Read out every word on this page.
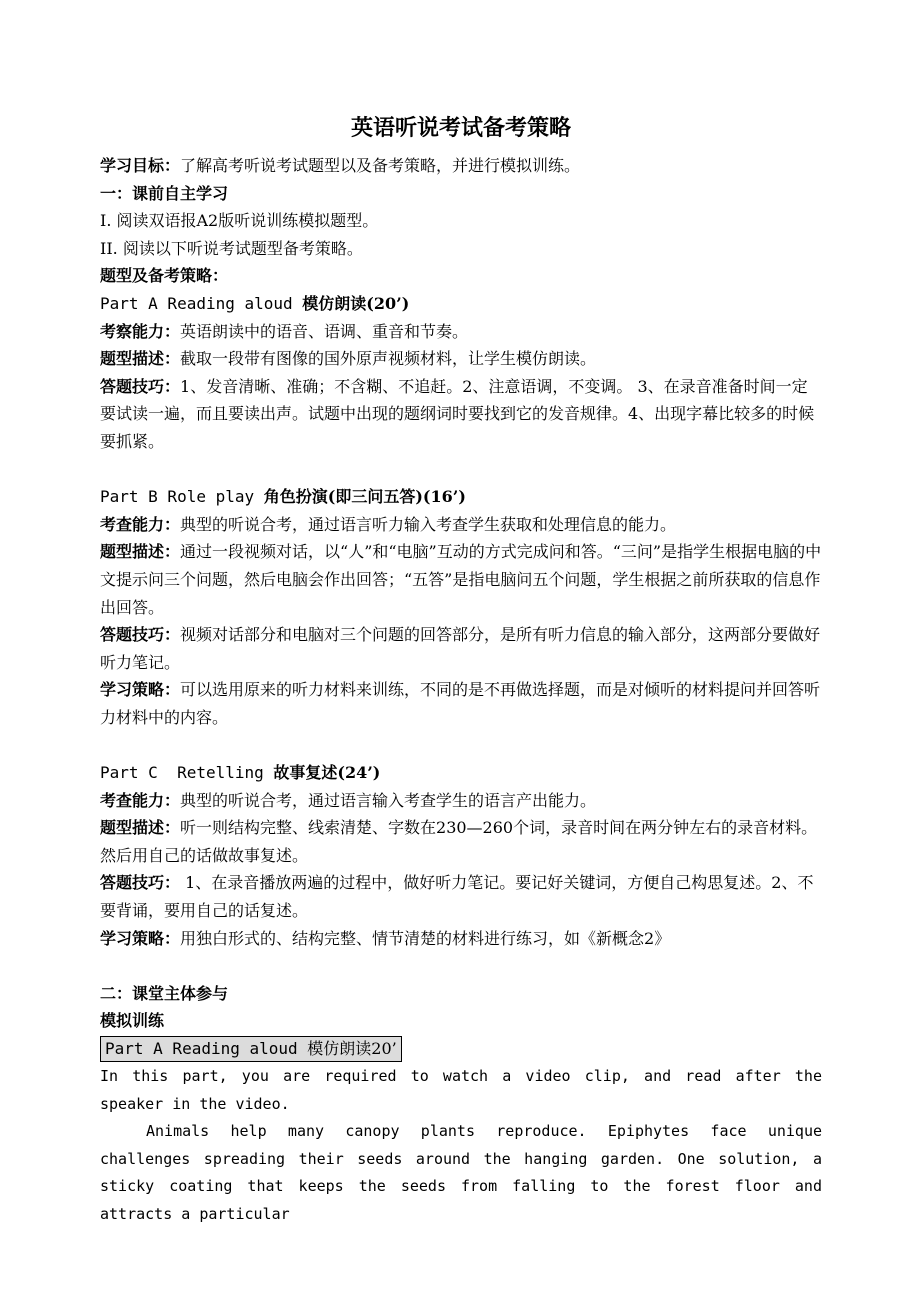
英语听说考试备考策略

学习目标：了解高考听说考试题型以及备考策略，并进行模拟训练。

一：课前自主学习

I. 阅读双语报A2版听说训练模拟题型。

II. 阅读以下听说考试题型备考策略。

题型及备考策略：

Part A Reading aloud 模仿朗读(20’)

考察能力：英语朗读中的语音、语调、重音和节奏。

题型描述：截取一段带有图像的国外原声视频材料，让学生模仿朗读。

答题技巧：1、发音清晰、准确；不含糊、不追赶。2、注意语调，不变调。 3、在录音准备时间一定要试读一遍，而且要读出声。试题中出现的题纲词时要找到它的发音规律。4、出现字幕比较多的时候要抓紧。

Part B Role play 角色扮演(即三问五答)(16’)

考查能力：典型的听说合考，通过语言听力输入考查学生获取和处理信息的能力。

题型描述：通过一段视频对话，以“人”和“电脑”互动的方式完成问和答。“三问”是指学生根据电脑的中文提示问三个问题，然后电脑会作出回答；“五答”是指电脑问五个问题，学生根据之前所获取的信息作出回答。

答题技巧：视频对话部分和电脑对三个问题的回答部分，是所有听力信息的输入部分，这两部分要做好听力笔记。

学习策略：可以选用原来的听力材料来训练，不同的是不再做选择题，而是对倾听的材料提问并回答听力材料中的内容。

Part C  Retelling 故事复述(24’)

考查能力：典型的听说合考，通过语言输入考查学生的语言产出能力。

题型描述：听一则结构完整、线索清楚、字数在230—260个词，录音时间在两分钟左右的录音材料。然后用自己的话做故事复述。

答题技巧： 1、在录音播放两遍的过程中，做好听力笔记。要记好关键词，方便自己构思复述。2、不要背诵，要用自己的话复述。

学习策略：用独白形式的、结构完整、情节清楚的材料进行练习，如《新概念2》

二：课堂主体参与

模拟训练

Part A Reading aloud 模仿朗读20’

In this part, you are required to watch a video clip, and read after the speaker in the video.

Animals help many canopy plants reproduce. Epiphytes face unique challenges spreading their seeds around the hanging garden. One solution, a sticky coating that keeps the seeds from falling to the forest floor and attracts a particular
